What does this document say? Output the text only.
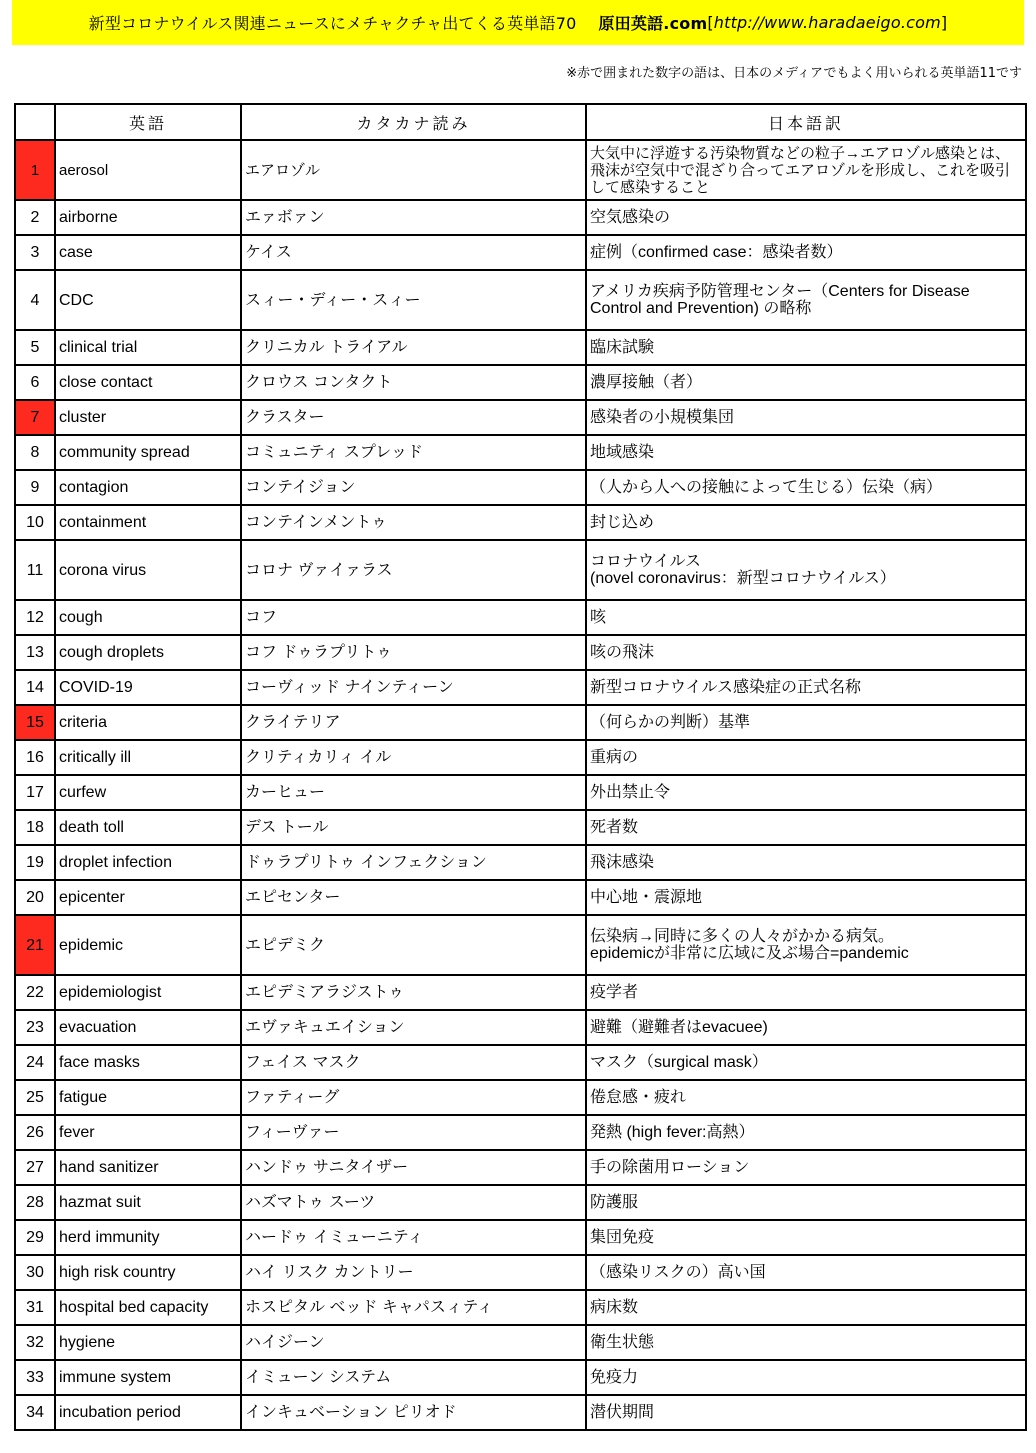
新型コロナウイルス関連ニュースにメチャクチャ出てくる英単語70 原田英語.com [ http://www.haradaeigo.com ]
※赤で囲まれた数字の語は、日本のメディアでもよく用いられる英単語11です
	英語	カタカナ読み	日本語訳
1	aerosol	エアロゾル	大気中に浮遊する汚染物質などの粒子→エアロゾル感染とは、飛沫が空気中で混ざり合ってエアロゾルを形成し、これを吸引して感染すること
2	airborne	エァボァン	空気感染の
3	case	ケイス	症例（confirmed case：感染者数）
4	CDC	スィー・ディー・スィー	アメリカ疾病予防管理センター（Centers for Disease Control and Prevention) の略称
5	clinical trial	クリニカル トライアル	臨床試験
6	close contact	クロウス コンタクト	濃厚接触（者）
7	cluster	クラスター	感染者の小規模集団
8	community spread	コミュニティ スプレッド	地域感染
9	contagion	コンテイジョン	（人から人への接触によって生じる）伝染（病）
10	containment	コンテインメントゥ	封じ込め
11	corona virus	コロナ ヴァイァラス	コロナウイルス
(novel coronavirus：新型コロナウイルス）
12	cough	コフ	咳
13	cough droplets	コフ ドゥラプリトゥ	咳の飛沫
14	COVID-19	コーヴィッド ナインティーン	新型コロナウイルス感染症の正式名称
15	criteria	クライテリア	（何らかの判断）基準
16	critically ill	クリティカリィ イル	重病の
17	curfew	カーヒュー	外出禁止令
18	death toll	デス トール	死者数
19	droplet infection	ドゥラプリトゥ インフェクション	飛沫感染
20	epicenter	エピセンター	中心地・震源地
21	epidemic	エピデミク	伝染病→同時に多くの人々がかかる病気。
epidemicが非常に広域に及ぶ場合=pandemic
22	epidemiologist	エピデミアラジストゥ	疫学者
23	evacuation	エヴァキュエイション	避難（避難者はevacuee)
24	face masks	フェイス マスク	マスク（surgical mask）
25	fatigue	ファティーグ	倦怠感・疲れ
26	fever	フィーヴァー	発熱 (high fever:高熱）
27	hand sanitizer	ハンドゥ サニタイザー	手の除菌用ローション
28	hazmat suit	ハズマトゥ スーツ	防護服
29	herd immunity	ハードゥ イミューニティ	集団免疫
30	high risk country	ハイ リスク カントリー	（感染リスクの）高い国
31	hospital bed capacity	ホスピタル ベッド キャパスィティ	病床数
32	hygiene	ハイジーン	衛生状態
33	immune system	イミューン システム	免疫力
34	incubation period	インキュベーション ピリオド	潜伏期間
